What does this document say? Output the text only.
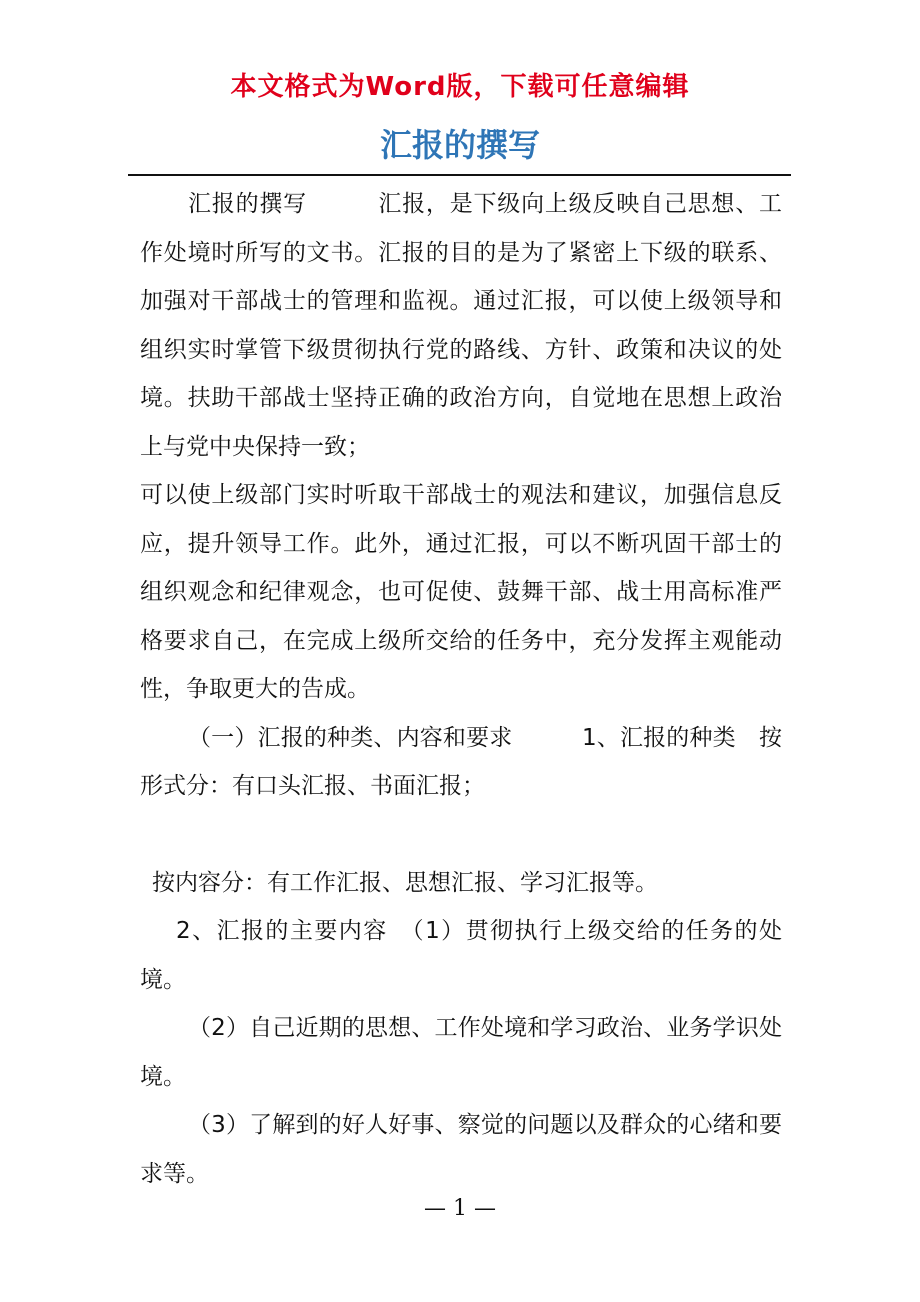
本文格式为Word版，下载可任意编辑
汇报的撰写

汇报的撰写　　　汇报，是下级向上级反映自己思想、工作处境时所写的文书。汇报的目的是为了紧密上下级的联系、加强对干部战士的管理和监视。通过汇报，可以使上级领导和组织实时掌管下级贯彻执行党的路线、方针、政策和决议的处境。扶助干部战士坚持正确的政治方向，自觉地在思想上政治上与党中央保持一致；

可以使上级部门实时听取干部战士的观法和建议，加强信息反应，提升领导工作。此外，通过汇报，可以不断巩固干部士的组织观念和纪律观念，也可促使、鼓舞干部、战士用高标准严格要求自己，在完成上级所交给的任务中，充分发挥主观能动性，争取更大的告成。

（一）汇报的种类、内容和要求　　　1、汇报的种类　按形式分：有口头汇报、书面汇报；

按内容分：有工作汇报、思想汇报、学习汇报等。

2、汇报的主要内容　（1）贯彻执行上级交给的任务的处境。

（2）自己近期的思想、工作处境和学习政治、业务学识处境。

（3）了解到的好人好事、察觉的问题以及群众的心绪和要求等。

— 1 —
